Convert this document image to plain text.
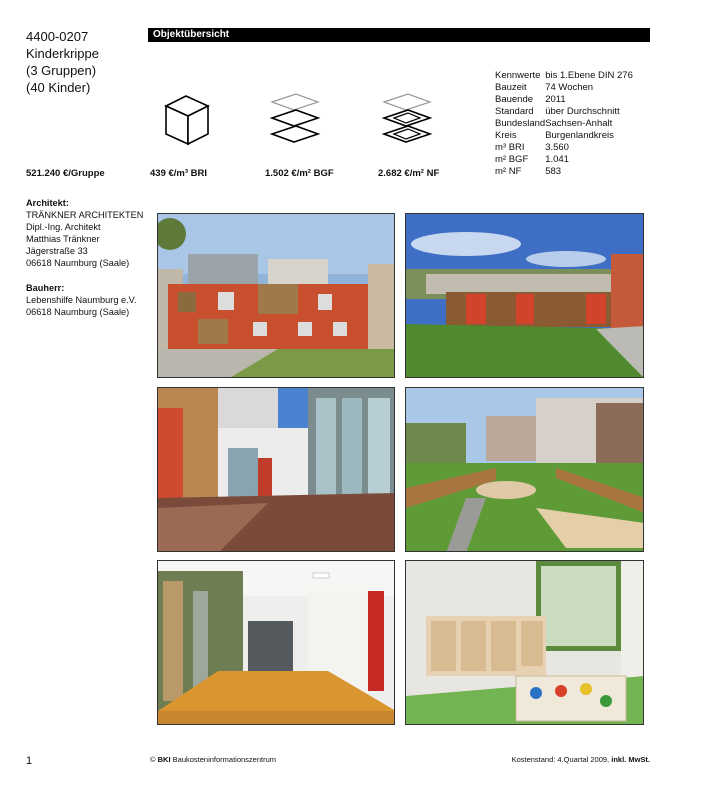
4400-0207
Kinderkrippe
(3 Gruppen)
(40 Kinder)
Objektübersicht
Kennwerte	bis 1.Ebene DIN 276
Bauzeit	74 Wochen
Bauende	2011
Standard	über Durchschnitt
Bundesland	Sachsen-Anhalt
Kreis	Burgenlandkreis
m³ BRI	3.560
m² BGF	1.041
m² NF	583
521.240 €/Gruppe	439 €/m³ BRI	1.502 €/m² BGF	2.682 €/m² NF
Architekt:
TRÄNKNER ARCHITEKTEN
Dipl.-Ing. Architekt
Matthias Tränkner
Jägerstraße 33
06618 Naumburg (Saale)
Bauherr:
Lebenshilfe Naumburg e.V.
06618 Naumburg (Saale)
1	© BKI Baukosteninformationszentrum	Kostenstand: 4.Quartal 2009, inkl. MwSt.
